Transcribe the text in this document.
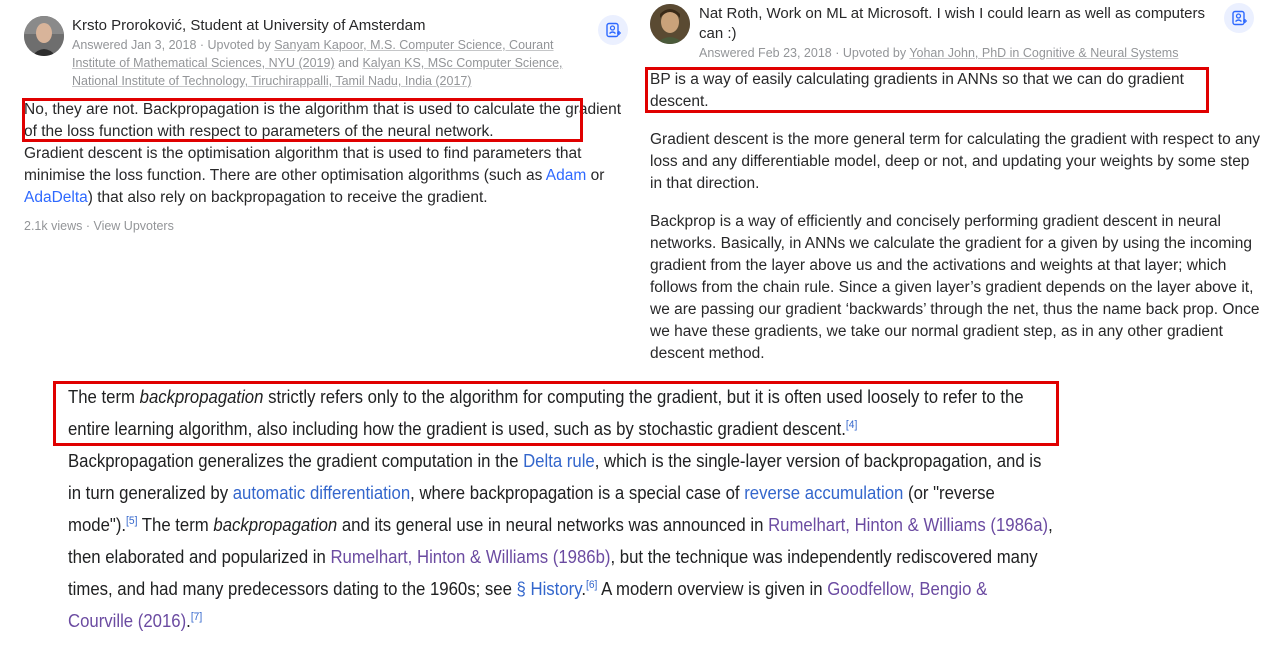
Krsto Proroković, Student at University of Amsterdam
Answered Jan 3, 2018 · Upvoted by Sanyam Kapoor, M.S. Computer Science, Courant Institute of Mathematical Sciences, NYU (2019) and Kalyan KS, MSc Computer Science, National Institute of Technology, Tiruchirappalli, Tamil Nadu, India (2017)
No, they are not. Backpropagation is the algorithm that is used to calculate the gradient of the loss function with respect to parameters of the neural network.
Gradient descent is the optimisation algorithm that is used to find parameters that minimise the loss function. There are other optimisation algorithms (such as Adam or AdaDelta) that also rely on backpropagation to receive the gradient.
2.1k views · View Upvoters
Nat Roth, Work on ML at Microsoft. I wish I could learn as well as computers can :)
Answered Feb 23, 2018 · Upvoted by Yohan John, PhD in Cognitive & Neural Systems
BP is a way of easily calculating gradients in ANNs so that we can do gradient descent.
Gradient descent is the more general term for calculating the gradient with respect to any loss and any differentiable model, deep or not, and updating your weights by some step in that direction.
Backprop is a way of efficiently and concisely performing gradient descent in neural networks. Basically, in ANNs we calculate the gradient for a given by using the incoming gradient from the layer above us and the activations and weights at that layer; which follows from the chain rule. Since a given layer’s gradient depends on the layer above it, we are passing our gradient ‘backwards’ through the net, thus the name back prop. Once we have these gradients, we take our normal gradient step, as in any other gradient descent method.

The term backpropagation strictly refers only to the algorithm for computing the gradient, but it is often used loosely to refer to the entire learning algorithm, also including how the gradient is used, such as by stochastic gradient descent.[4]

Backpropagation generalizes the gradient computation in the Delta rule, which is the single-layer version of backpropagation, and is in turn generalized by automatic differentiation, where backpropagation is a special case of reverse accumulation (or "reverse mode").[5] The term backpropagation and its general use in neural networks was announced in Rumelhart, Hinton & Williams (1986a), then elaborated and popularized in Rumelhart, Hinton & Williams (1986b), but the technique was independently rediscovered many times, and had many predecessors dating to the 1960s; see § History.[6] A modern overview is given in Goodfellow, Bengio & Courville (2016).[7]
